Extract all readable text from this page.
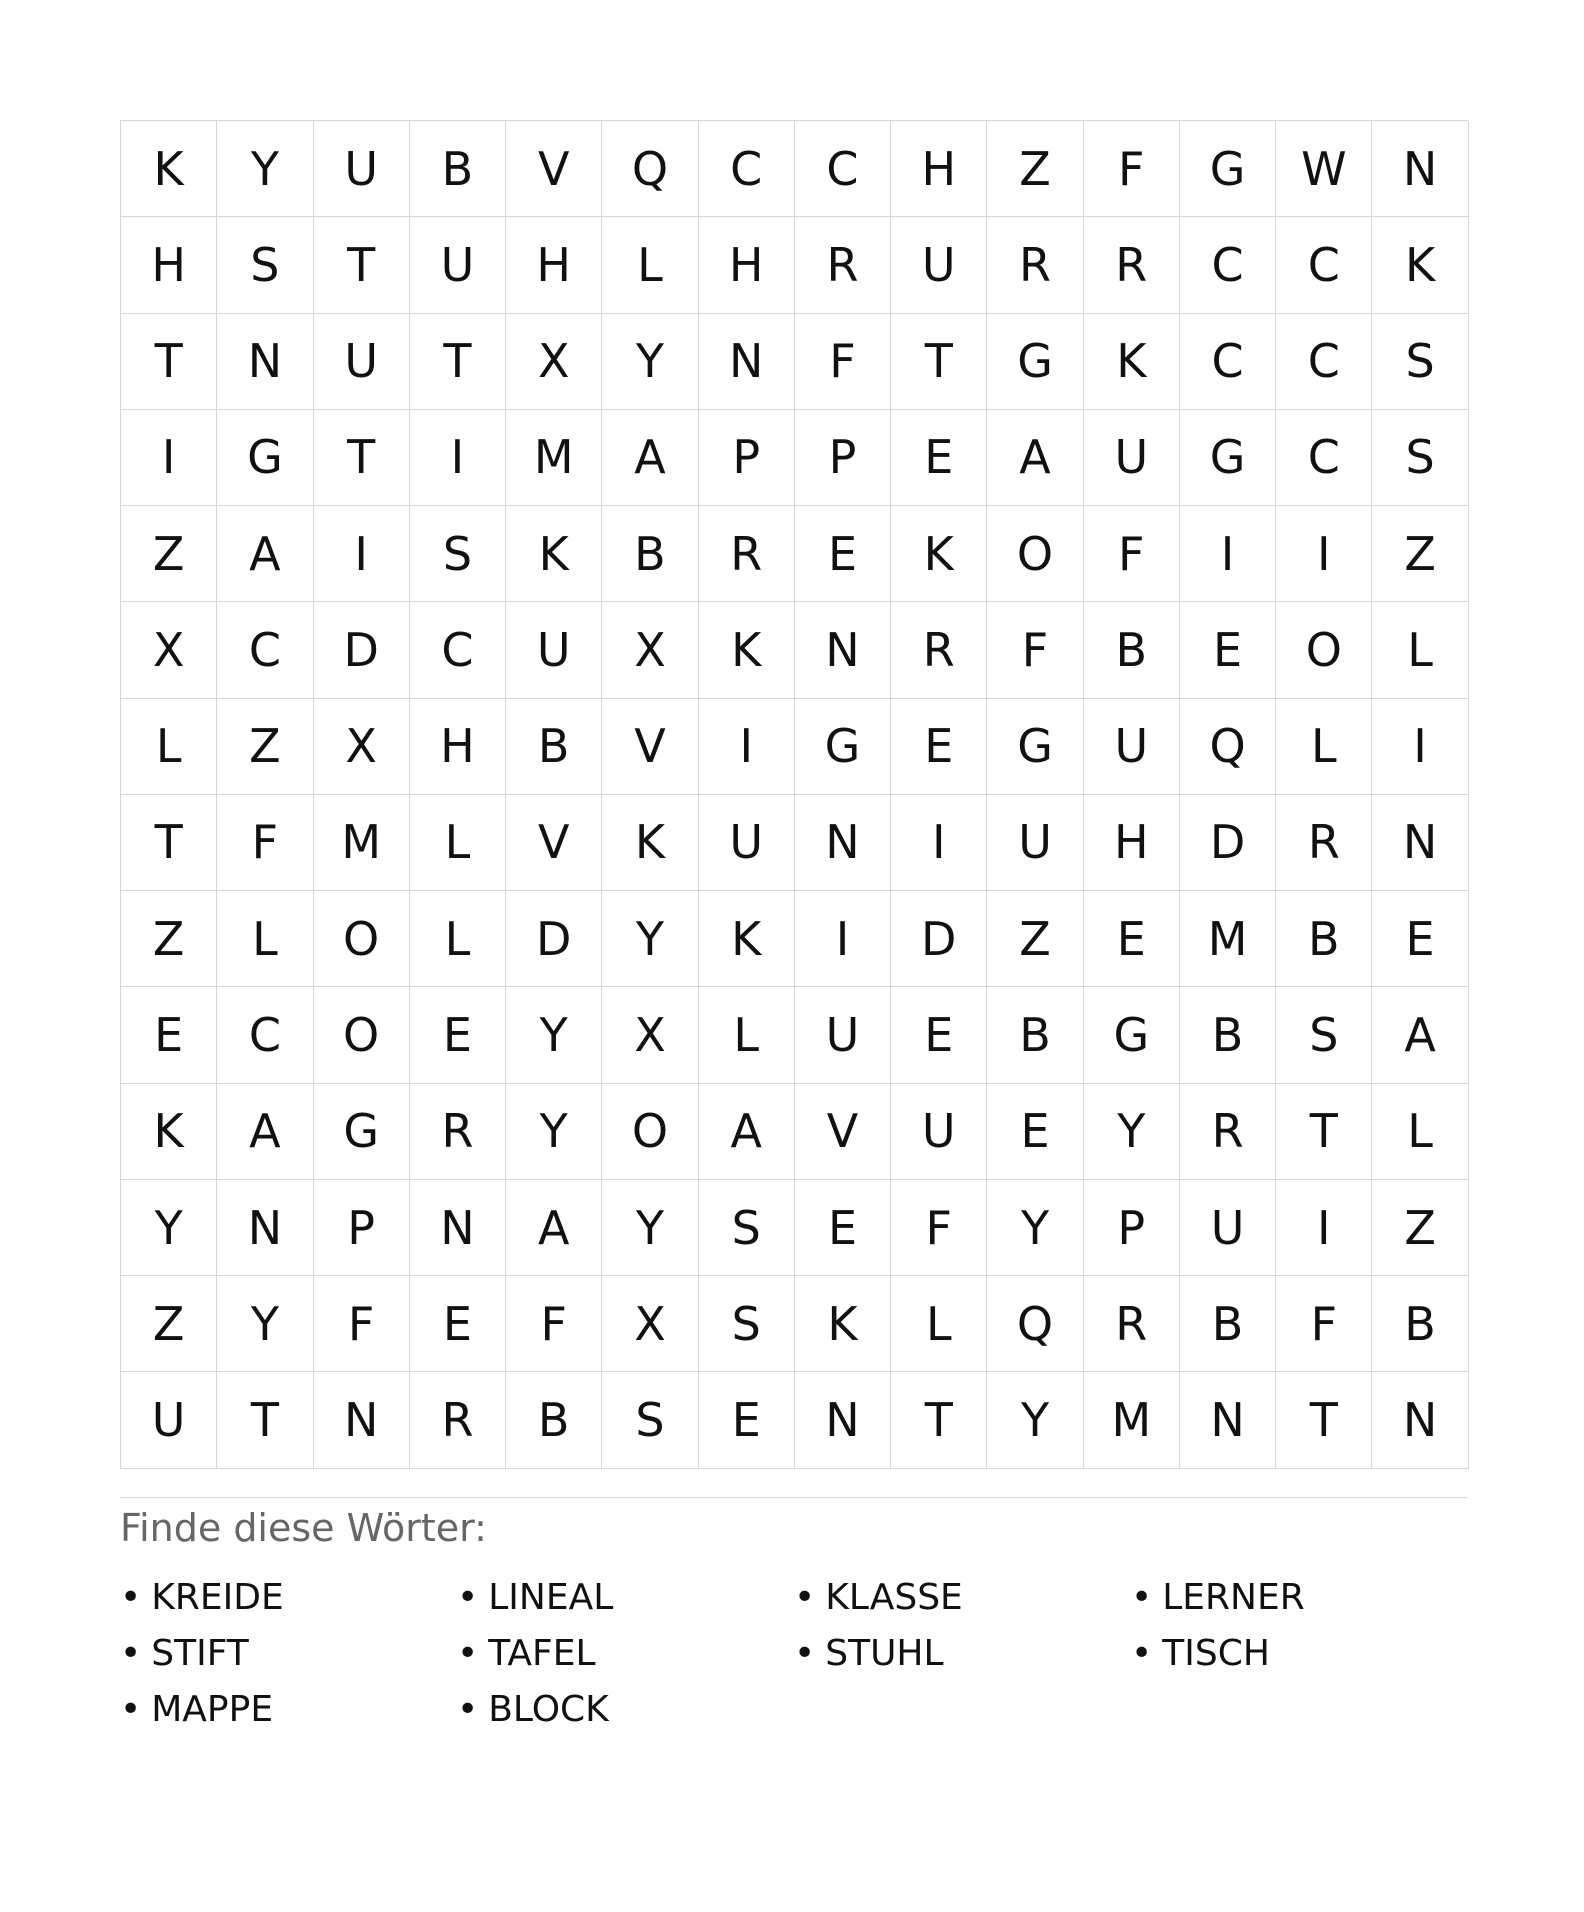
K	Y	U	B	V	Q	C	C	H	Z	F	G	W	N
H	S	T	U	H	L	H	R	U	R	R	C	C	K
T	N	U	T	X	Y	N	F	T	G	K	C	C	S
I	G	T	I	M	A	P	P	E	A	U	G	C	S
Z	A	I	S	K	B	R	E	K	O	F	I	I	Z
X	C	D	C	U	X	K	N	R	F	B	E	O	L
L	Z	X	H	B	V	I	G	E	G	U	Q	L	I
T	F	M	L	V	K	U	N	I	U	H	D	R	N
Z	L	O	L	D	Y	K	I	D	Z	E	M	B	E
E	C	O	E	Y	X	L	U	E	B	G	B	S	A
K	A	G	R	Y	O	A	V	U	E	Y	R	T	L
Y	N	P	N	A	Y	S	E	F	Y	P	U	I	Z
Z	Y	F	E	F	X	S	K	L	Q	R	B	F	B
U	T	N	R	B	S	E	N	T	Y	M	N	T	N
Finde diese Wörter:
• KREIDE	• LINEAL	• KLASSE	• LERNER
• STIFT	• TAFEL	• STUHL	• TISCH
• MAPPE	• BLOCK
